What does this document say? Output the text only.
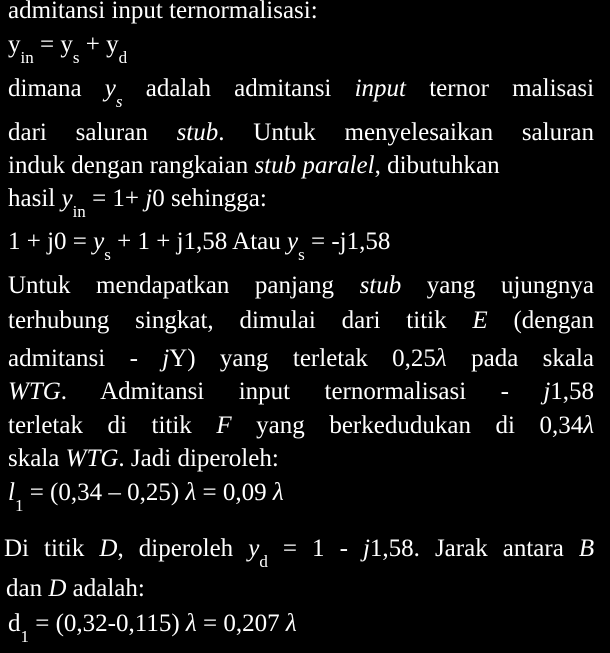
admitansi input ternormalisasi:
$y_{in} = y_s + y_d$
dimana $y_s$ adalah admitansi input ternor malisasi
dari saluran stub. Untuk menyelesaikan saluran
induk dengan rangkaian stub paralel, dibutuhkan
hasil $y_{in} = 1+ j0$ sehingga:
$1 + j0 = y_s + 1 + j1,58$ Atau $y_s = -j1,58$
Untuk mendapatkan panjang stub yang ujungnya
terhubung singkat, dimulai dari titik E (dengan
admitansi - jY) yang terletak 0,25λ pada skala
WTG. Admitansi input ternormalisasi - j1,58
terletak di titik F yang berkedudukan di 0,34λ
skala WTG. Jadi diperoleh:
$l_1 = (0,34 - 0,25) \lambda = 0,09$ λ
Di titik D, diperoleh $y_d = 1 - j1,58$. Jarak antara B
dan D adalah:
$d_1 = (0,32-0,115) \lambda = 0,207$ λ
